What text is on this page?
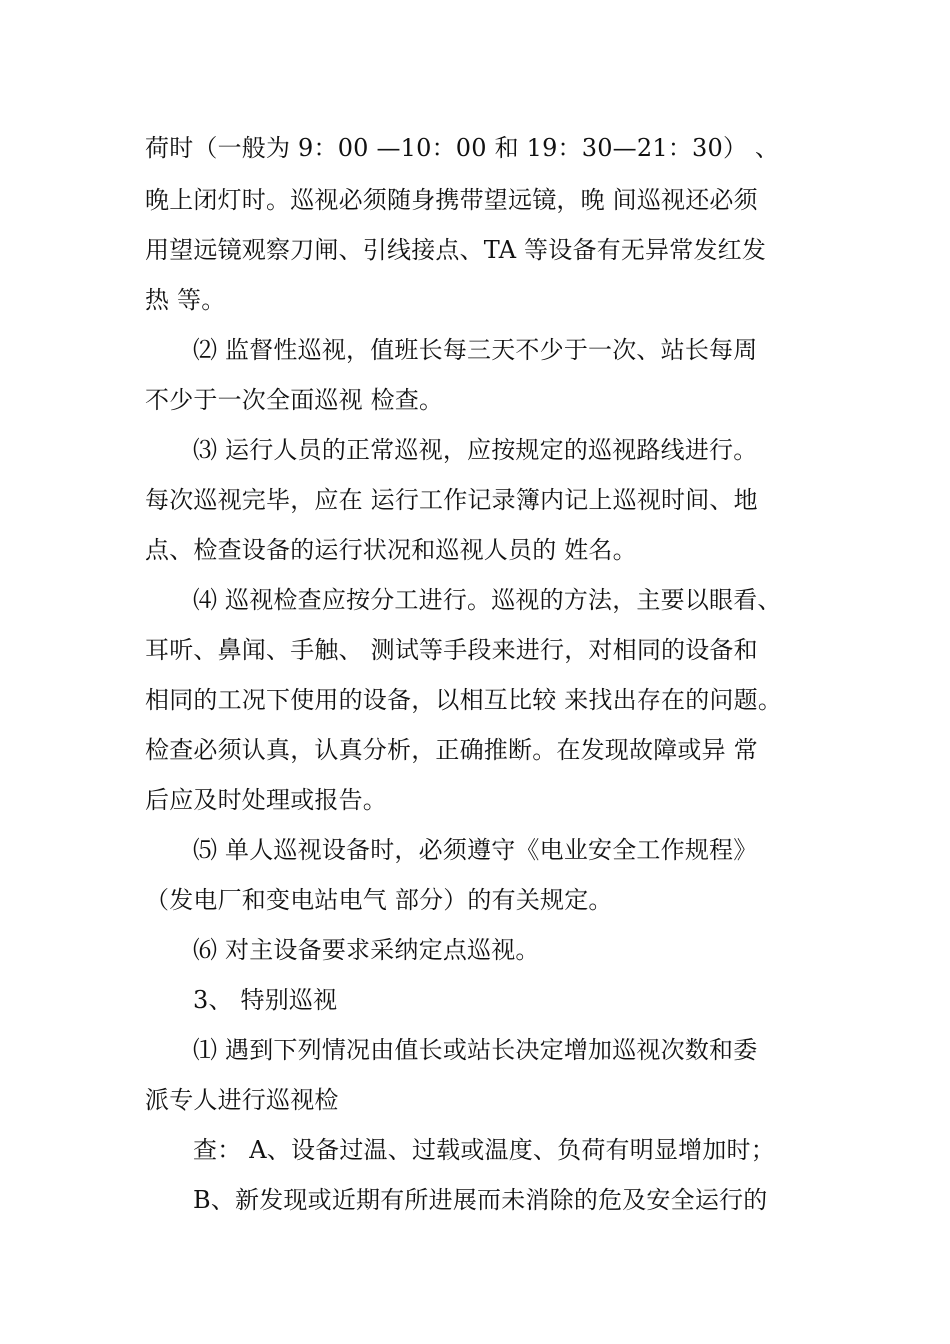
荷时（一般为 9：00 —10：00 和 19：30—21：30） 、
晚上闭灯时。巡视必须随身携带望远镜，晚 间巡视还必须
用望远镜观察刀闸、引线接点、TA 等设备有无异常发红发
热 等。
⑵ 监督性巡视，值班长每三天不少于一次、站长每周
不少于一次全面巡视 检查。
⑶ 运行人员的正常巡视，应按规定的巡视路线进行。
每次巡视完毕，应在 运行工作记录簿内记上巡视时间、地
点、检查设备的运行状况和巡视人员的 姓名。
⑷ 巡视检查应按分工进行。巡视的方法，主要以眼看、
耳听、鼻闻、手触、 测试等手段来进行，对相同的设备和
相同的工况下使用的设备，以相互比较 来找出存在的问题。
检查必须认真，认真分析，正确推断。在发现故障或异 常
后应及时处理或报告。
⑸ 单人巡视设备时，必须遵守《电业安全工作规程》
（发电厂和变电站电气 部分）的有关规定。
⑹ 对主设备要求采纳定点巡视。
3、 特别巡视
⑴ 遇到下列情况由值长或站长决定增加巡视次数和委
派专人进行巡视检
查： A、设备过温、过载或温度、负荷有明显增加时；
B、新发现或近期有所进展而未消除的危及安全运行的
